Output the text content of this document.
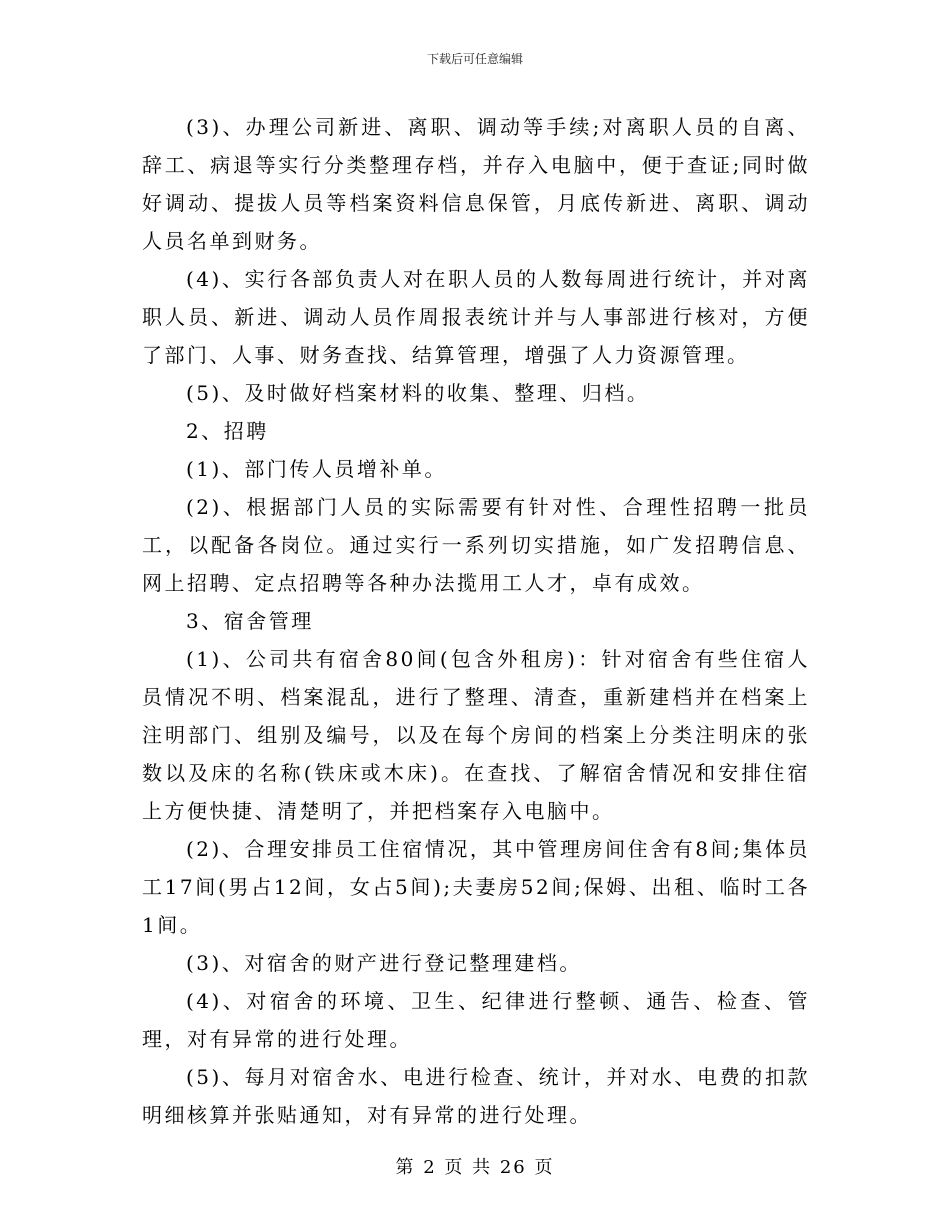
下载后可任意编辑

(3)、办理公司新进、离职、调动等手续;对离职人员的自离、辞工、病退等实行分类整理存档，并存入电脑中，便于查证;同时做好调动、提拔人员等档案资料信息保管，月底传新进、离职、调动人员名单到财务。

(4)、实行各部负责人对在职人员的人数每周进行统计，并对离职人员、新进、调动人员作周报表统计并与人事部进行核对，方便了部门、人事、财务查找、结算管理，增强了人力资源管理。

(5)、及时做好档案材料的收集、整理、归档。

2、招聘

(1)、部门传人员增补单。

(2)、根据部门人员的实际需要有针对性、合理性招聘一批员工，以配备各岗位。通过实行一系列切实措施，如广发招聘信息、网上招聘、定点招聘等各种办法揽用工人才，卓有成效。

3、宿舍管理

(1)、公司共有宿舍80间(包含外租房)：针对宿舍有些住宿人员情况不明、档案混乱，进行了整理、清查，重新建档并在档案上注明部门、组别及编号，以及在每个房间的档案上分类注明床的张数以及床的名称(铁床或木床)。在查找、了解宿舍情况和安排住宿上方便快捷、清楚明了，并把档案存入电脑中。

(2)、合理安排员工住宿情况，其中管理房间住舍有8间;集体员工17间(男占12间，女占5间);夫妻房52间;保姆、出租、临时工各1间。

(3)、对宿舍的财产进行登记整理建档。

(4)、对宿舍的环境、卫生、纪律进行整顿、通告、检查、管理，对有异常的进行处理。

(5)、每月对宿舍水、电进行检查、统计，并对水、电费的扣款明细核算并张贴通知，对有异常的进行处理。

第 2 页 共 26 页
